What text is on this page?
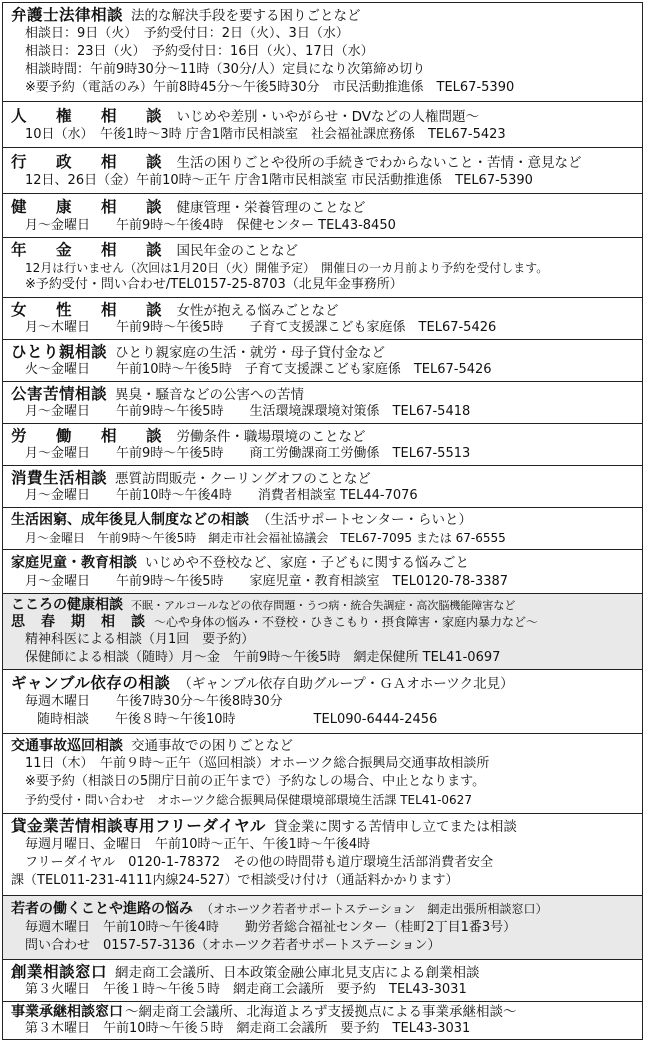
弁護士法律相談 法的な解決手段を要する困りごとなど
相談日：9日（火）　予約受付日：2日（火）、3日（水）
相談日：23日（火）　予約受付日：16日（火）、17日（水）
相談時間：午前9時30分～11時（30分/人）定員になり次第締め切り
※要予約（電話のみ）午前8時45分～午後5時30分　市民活動推進係　TEL67-5390
人　権　相　談 いじめや差別・いやがらせ・DVなどの人権問題～
10日（水）　午後1時～3時 庁舎1階市民相談室　社会福祉課庶務係　TEL67-5423
行　政　相　談 生活の困りごとや役所の手続きでわからないこと・苦情・意見など
12日、26日（金）午前10時～正午 庁舎1階市民相談室 市民活動推進係　TEL67-5390
健　康　相　談 健康管理・栄養管理のことなど
月～金曜日　　午前9時～午後4時　保健センター TEL43-8450
年　金　相　談 国民年金のことなど
12月は行いません（次回は1月20日（火）開催予定）　開催日の一カ月前より予約を受付します。
※予約受付・問い合わせ/TEL0157-25-8703（北見年金事務所）
女　性　相　談 女性が抱える悩みごとなど
月～木曜日　　午前9時～午後5時　　子育て支援課こども家庭係　TEL67-5426
ひとり親相談 ひとり親家庭の生活・就労・母子貸付金など
火～金曜日　　午前10時～午後5時　子育て支援課こども家庭係　TEL67-5426
公害苦情相談 異臭・騒音などの公害への苦情
月～金曜日　　午前9時～午後5時　　生活環境課環境対策係　TEL67-5418
労　働　相　談 労働条件・職場環境のことなど
月～金曜日　　午前9時～午後5時　　商工労働課商工労働係　TEL67-5513
消費生活相談 悪質訪問販売・クーリングオフのことなど
月～金曜日　　午前10時～午後4時　　消費者相談室 TEL44-7076
生活困窮、成年後見人制度などの相談 （生活サポートセンター・らいと）
月～金曜日　午前9時～午後5時　網走市社会福祉協議会　TEL67-7095 または 67-6555
家庭児童・教育相談 いじめや不登校など、家庭・子どもに関する悩みごと
月～金曜日　　午前9時～午後5時　　家庭児童・教育相談室　TEL0120-78-3387
こころの健康相談 不眠・アルコールなどの依存問題・うつ病・統合失調症・高次脳機能障害など
思　春　期　相　談 ～心や身体の悩み・不登校・ひきこもり・摂食障害・家庭内暴力など～
精神科医による相談（月1回　要予約）
保健師による相談（随時）月～金　午前9時～午後5時　網走保健所 TEL41-0697
ギャンブル依存の相談 （ギャンブル依存自助グループ・ＧＡオホーツク北見）
毎週木曜日　　午後7時30分～午後8時30分
随時相談　　午後８時～午後10時　　　　　　TEL090-6444-2456
交通事故巡回相談 交通事故での困りごとなど
11日（木）　午前９時～正午（巡回相談）オホーツク総合振興局交通事故相談所
※要予約（相談日の5開庁日前の正午まで）予約なしの場合、中止となります。
予約受付・問い合わせ　オホーツク総合振興局保健環境部環境生活課 TEL41-0627
貸金業苦情相談専用フリーダイヤル 貸金業に関する苦情申し立てまたは相談
毎週月曜日、金曜日　午前10時～正午、午後1時～午後4時
フリーダイヤル　0120-1-78372　その他の時間帯も道庁環境生活部消費者安全
課（TEL011-231-4111内線24-527）で相談受け付け（通話料かかります）
若者の働くことや進路の悩み （オホーツク若者サポートステーション　網走出張所相談窓口）
毎週木曜日　午前10時～午後4時　　勤労者総合福祉センター（桂町2丁目1番3号）
問い合わせ　0157-57-3136（オホーツク若者サポートステーション）
創業相談窓口 網走商工会議所、日本政策金融公庫北見支店による創業相談
第３火曜日　午後１時～午後５時　網走商工会議所　要予約　TEL43-3031
事業承継相談窓口 ～網走商工会議所、北海道よろず支援拠点による事業承継相談～
第３木曜日　午前10時～午後５時　網走商工会議所　要予約　TEL43-3031
